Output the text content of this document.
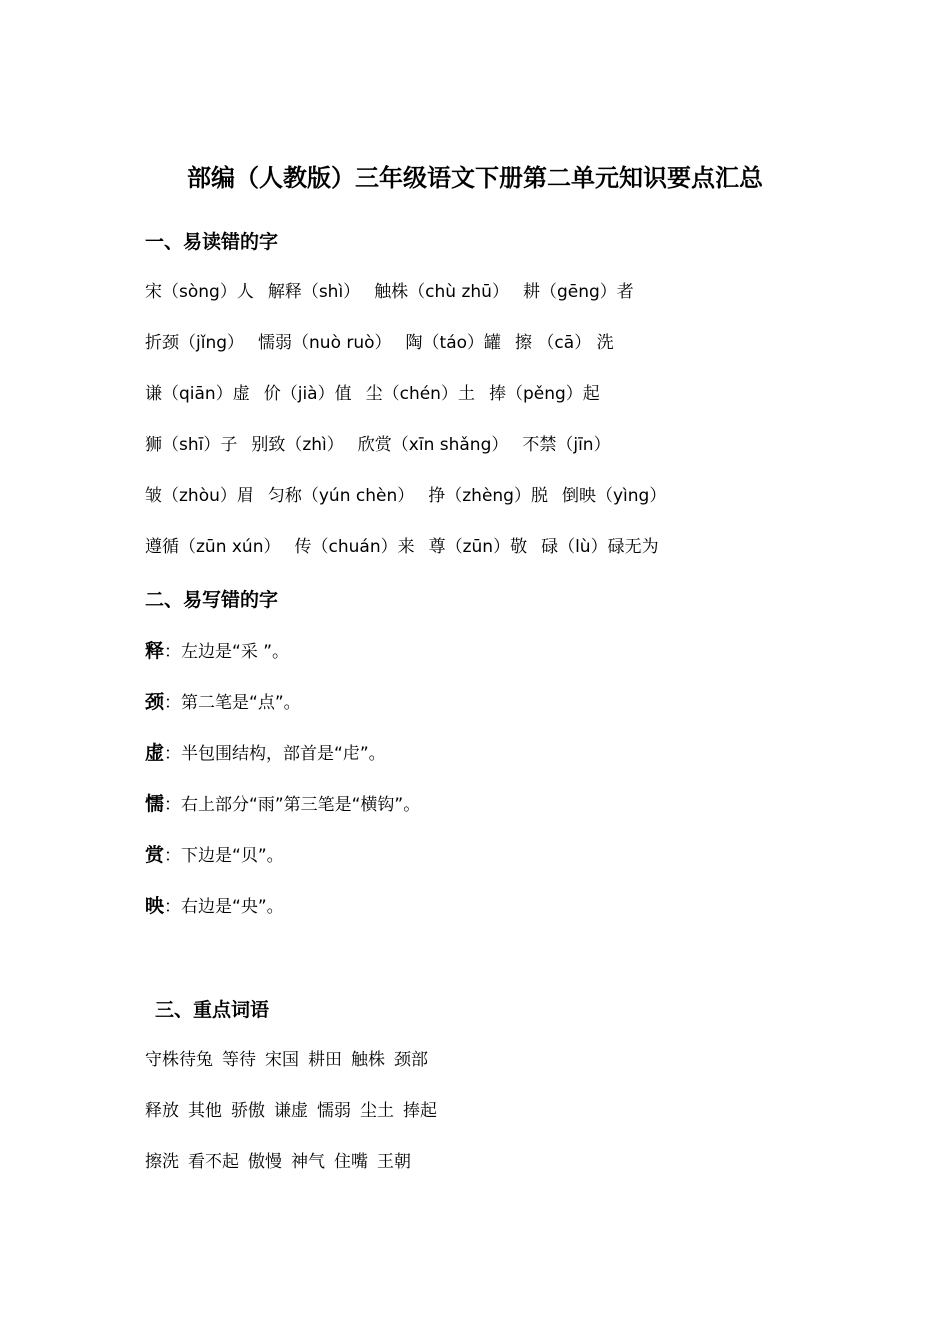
部编（人教版）三年级语文下册第二单元知识要点汇总
一、易读错的字
宋（sòng）人 解释（shì） 触株（chù zhū） 耕（gēng）者
折颈（jǐng） 懦弱（nuò ruò） 陶（táo）罐 擦 （cā） 洗
谦（qiān）虚 价（jià）值 尘（chén）土 捧（pěng）起
狮（shī）子 别致（zhì） 欣赏（xīn shǎng） 不禁（jīn）
皱（zhòu）眉 匀称（yún chèn） 挣（zhèng）脱 倒映（yìng）
遵循（zūn xún） 传（chuán）来 尊（zūn）敬 碌（lù）碌无为
二、易写错的字
释：左边是“采 ”。
颈：第二笔是“点”。
虚：半包围结构，部首是“虍”。
懦：右上部分“雨”第三笔是“横钩”。
赏：下边是“贝”。
映：右边是“央”。
三、重点词语
守株待兔 等待 宋国 耕田 触株 颈部
释放 其他 骄傲 谦虚 懦弱 尘土 捧起
擦洗 看不起 傲慢 神气 住嘴 王朝
